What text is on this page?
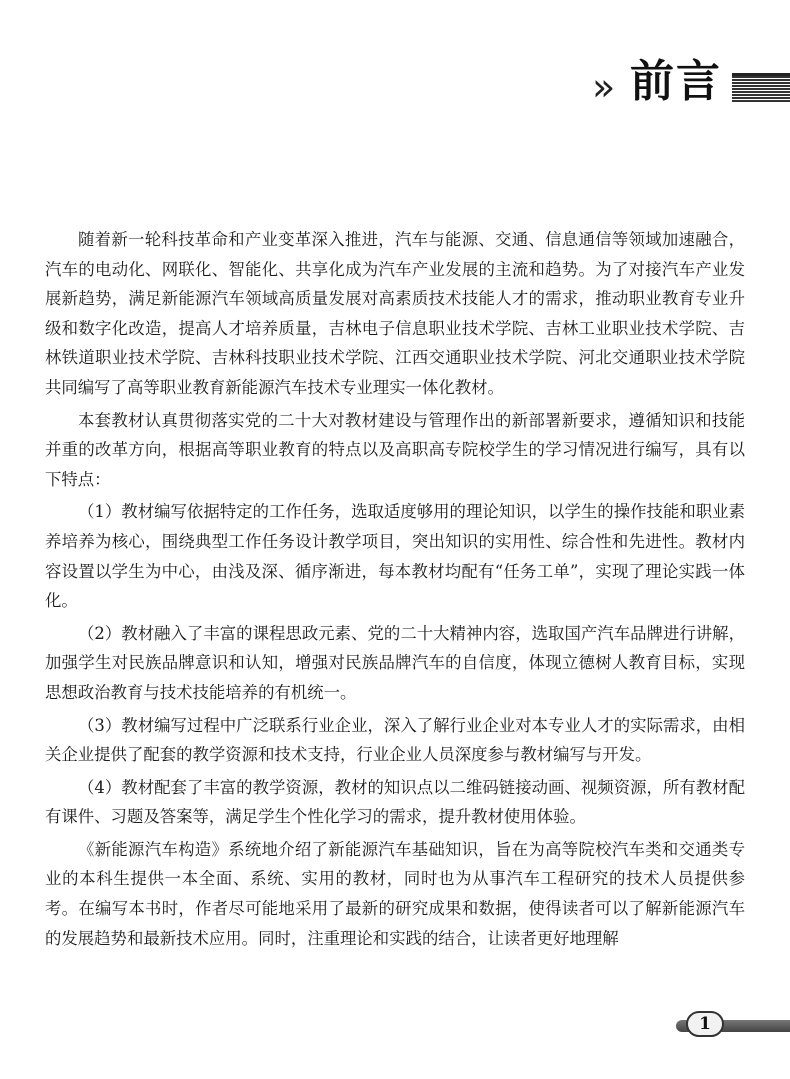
» 前言

随着新一轮科技革命和产业变革深入推进，汽车与能源、交通、信息通信等领域加速融合，汽车的电动化、网联化、智能化、共享化成为汽车产业发展的主流和趋势。为了对接汽车产业发展新趋势，满足新能源汽车领域高质量发展对高素质技术技能人才的需求，推动职业教育专业升级和数字化改造，提高人才培养质量，吉林电子信息职业技术学院、吉林工业职业技术学院、吉林铁道职业技术学院、吉林科技职业技术学院、江西交通职业技术学院、河北交通职业技术学院共同编写了高等职业教育新能源汽车技术专业理实一体化教材。

本套教材认真贯彻落实党的二十大对教材建设与管理作出的新部署新要求，遵循知识和技能并重的改革方向，根据高等职业教育的特点以及高职高专院校学生的学习情况进行编写，具有以下特点：

（1）教材编写依据特定的工作任务，选取适度够用的理论知识，以学生的操作技能和职业素养培养为核心，围绕典型工作任务设计教学项目，突出知识的实用性、综合性和先进性。教材内容设置以学生为中心，由浅及深、循序渐进，每本教材均配有“任务工单”，实现了理论实践一体化。

（2）教材融入了丰富的课程思政元素、党的二十大精神内容，选取国产汽车品牌进行讲解，加强学生对民族品牌意识和认知，增强对民族品牌汽车的自信度，体现立德树人教育目标，实现思想政治教育与技术技能培养的有机统一。

（3）教材编写过程中广泛联系行业企业，深入了解行业企业对本专业人才的实际需求，由相关企业提供了配套的教学资源和技术支持，行业企业人员深度参与教材编写与开发。

（4）教材配套了丰富的教学资源，教材的知识点以二维码链接动画、视频资源，所有教材配有课件、习题及答案等，满足学生个性化学习的需求，提升教材使用体验。

《新能源汽车构造》系统地介绍了新能源汽车基础知识，旨在为高等院校汽车类和交通类专业的本科生提供一本全面、系统、实用的教材，同时也为从事汽车工程研究的技术人员提供参考。在编写本书时，作者尽可能地采用了最新的研究成果和数据，使得读者可以了解新能源汽车的发展趋势和最新技术应用。同时，注重理论和实践的结合，让读者更好地理解

1
